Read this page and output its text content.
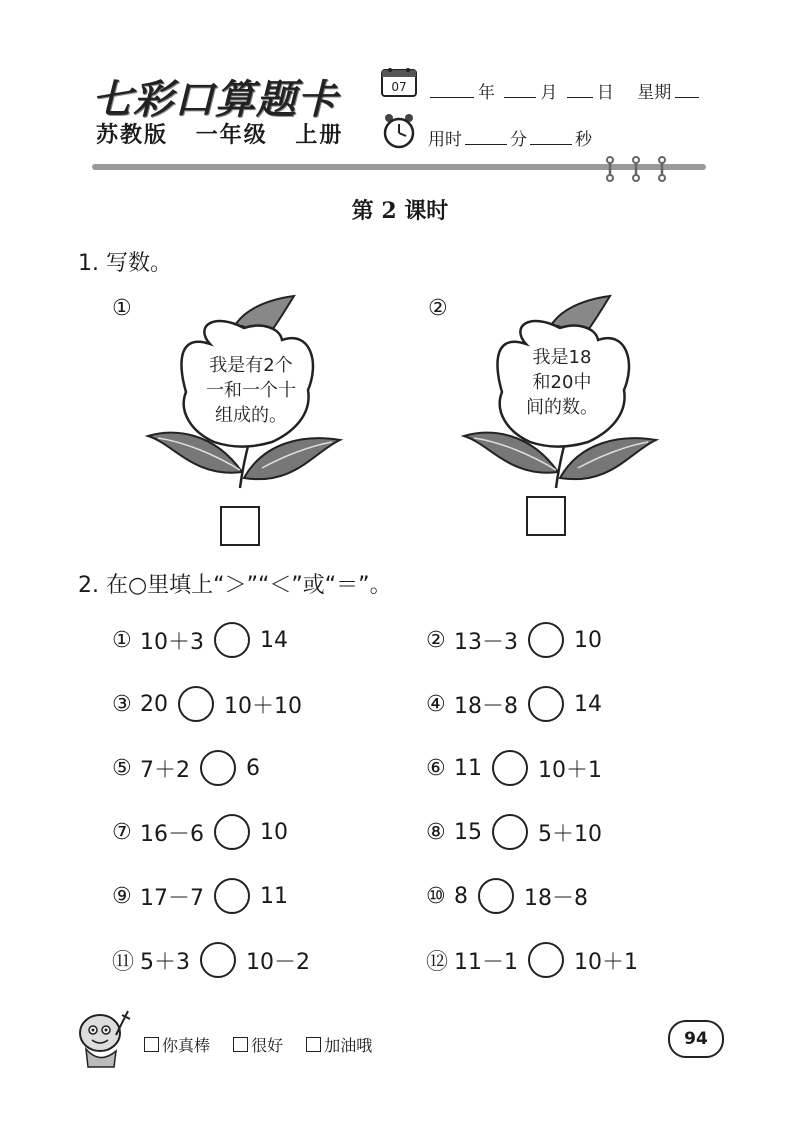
七彩口算题卡
苏教版 一年级 上册
07	年	月 日 星期
用时	分	秒
第 2 课时
1. 写数。
①
我是有2个
一和一个十
组成的。
②
我是18
和20中
间的数。
2. 在○里填上“＞”“＜”或“＝”。
① 10＋3	14	② 13－3	10
③ 20	10＋10	④ 18－8	14
⑤ 7＋2	6	⑥ 11	10＋1
⑦ 16－6	10	⑧ 15	5＋10
⑨ 17－7	11	⑩ 8	18－8
⑪ 5＋3	10－2	⑫ 11－1	10＋1
你真棒	很好	加油哦	94
